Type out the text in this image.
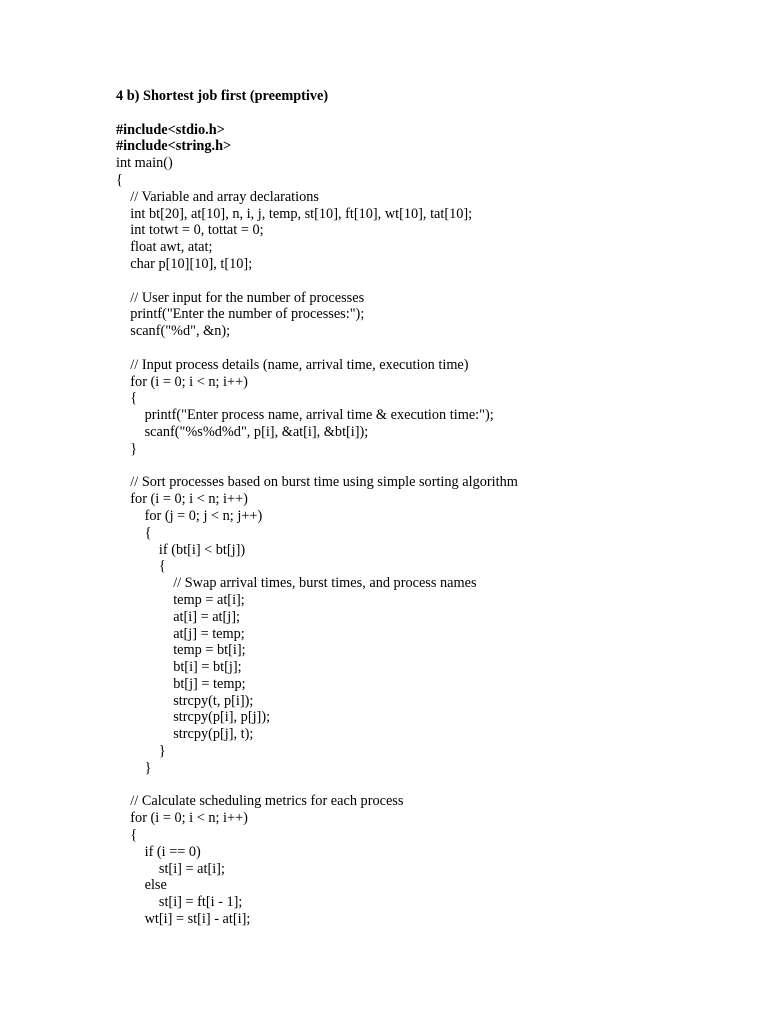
4 b) Shortest job first (preemptive)
#include<stdio.h>
#include<string.h>
int main()
{
// Variable and array declarations
int bt[20], at[10], n, i, j, temp, st[10], ft[10], wt[10], tat[10];
int totwt = 0, tottat = 0;
float awt, atat;
char p[10][10], t[10];
// User input for the number of processes
printf("Enter the number of processes:");
scanf("%d", &n);
// Input process details (name, arrival time, execution time)
for (i = 0; i < n; i++)
{
printf("Enter process name, arrival time & execution time:");
scanf("%s%d%d", p[i], &at[i], &bt[i]);
}
// Sort processes based on burst time using simple sorting algorithm
for (i = 0; i < n; i++)
for (j = 0; j < n; j++)
{
if (bt[i] < bt[j])
{
// Swap arrival times, burst times, and process names
temp = at[i];
at[i] = at[j];
at[j] = temp;
temp = bt[i];
bt[i] = bt[j];
bt[j] = temp;
strcpy(t, p[i]);
strcpy(p[i], p[j]);
strcpy(p[j], t);
}
}
// Calculate scheduling metrics for each process
for (i = 0; i < n; i++)
{
if (i == 0)
st[i] = at[i];
else
st[i] = ft[i - 1];
wt[i] = st[i] - at[i];
